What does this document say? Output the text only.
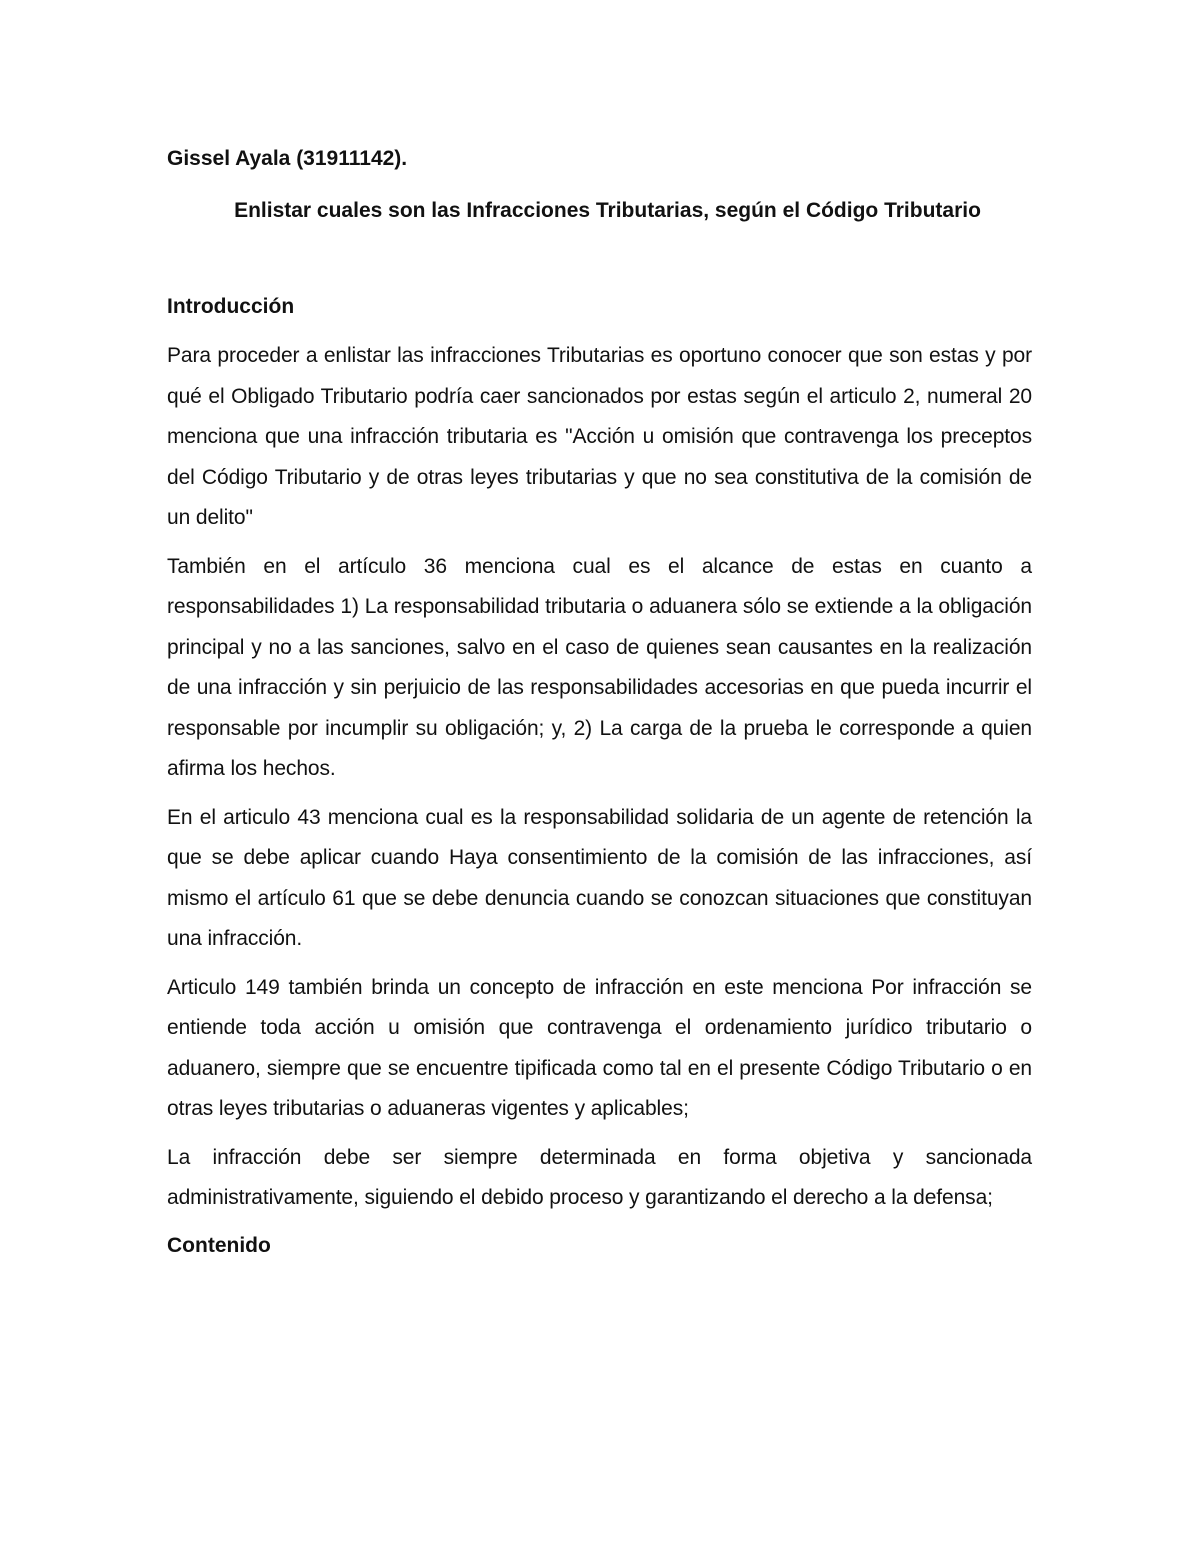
Gissel Ayala (31911142).

Enlistar cuales son las Infracciones Tributarias, según el Código Tributario

Introducción

Para proceder a enlistar las infracciones Tributarias es oportuno conocer que son estas y por qué el Obligado Tributario podría caer sancionados por estas según el articulo 2, numeral 20 menciona que una infracción tributaria es "Acción u omisión que contravenga los preceptos del Código Tributario y de otras leyes tributarias y que no sea constitutiva de la comisión de un delito"

También en el artículo 36 menciona cual es el alcance de estas en cuanto a responsabilidades 1) La responsabilidad tributaria o aduanera sólo se extiende a la obligación principal y no a las sanciones, salvo en el caso de quienes sean causantes en la realización de una infracción y sin perjuicio de las responsabilidades accesorias en que pueda incurrir el responsable por incumplir su obligación; y, 2) La carga de la prueba le corresponde a quien afirma los hechos.

En el articulo 43 menciona cual es la responsabilidad solidaria de un agente de retención la que se debe aplicar cuando Haya consentimiento de la comisión de las infracciones, así mismo el artículo 61 que se debe denuncia cuando se conozcan situaciones que constituyan una infracción.

Articulo 149 también brinda un concepto de infracción en este menciona Por infracción se entiende toda acción u omisión que contravenga el ordenamiento jurídico tributario o aduanero, siempre que se encuentre tipificada como tal en el presente Código Tributario o en otras leyes tributarias o aduaneras vigentes y aplicables;

La infracción debe ser siempre determinada en forma objetiva y sancionada administrativamente, siguiendo el debido proceso y garantizando el derecho a la defensa;

Contenido
